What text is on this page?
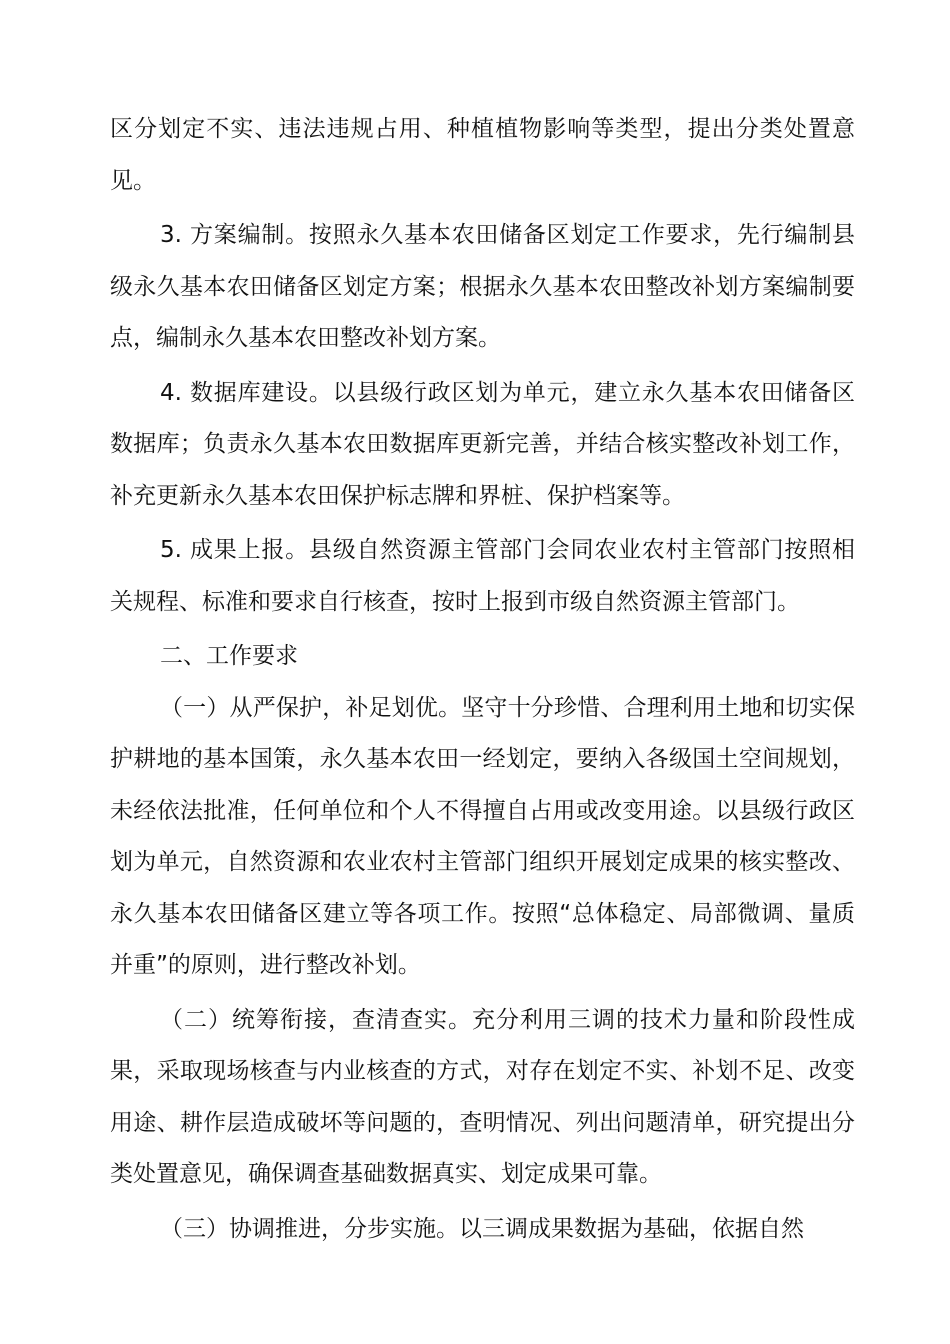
区分划定不实、违法违规占用、种植植物影响等类型，提出分类处置意见。

3. 方案编制。按照永久基本农田储备区划定工作要求，先行编制县级永久基本农田储备区划定方案；根据永久基本农田整改补划方案编制要点，编制永久基本农田整改补划方案。

4. 数据库建设。以县级行政区划为单元，建立永久基本农田储备区数据库；负责永久基本农田数据库更新完善，并结合核实整改补划工作，补充更新永久基本农田保护标志牌和界桩、保护档案等。

5. 成果上报。县级自然资源主管部门会同农业农村主管部门按照相关规程、标准和要求自行核查，按时上报到市级自然资源主管部门。

二、工作要求

（一）从严保护，补足划优。坚守十分珍惜、合理利用土地和切实保护耕地的基本国策，永久基本农田一经划定，要纳入各级国土空间规划，未经依法批准，任何单位和个人不得擅自占用或改变用途。以县级行政区划为单元，自然资源和农业农村主管部门组织开展划定成果的核实整改、永久基本农田储备区建立等各项工作。按照“总体稳定、局部微调、量质并重”的原则，进行整改补划。

（二）统筹衔接，查清查实。充分利用三调的技术力量和阶段性成果，采取现场核查与内业核查的方式，对存在划定不实、补划不足、改变用途、耕作层造成破坏等问题的，查明情况、列出问题清单，研究提出分类处置意见，确保调查基础数据真实、划定成果可靠。

（三）协调推进，分步实施。以三调成果数据为基础，依据自然
